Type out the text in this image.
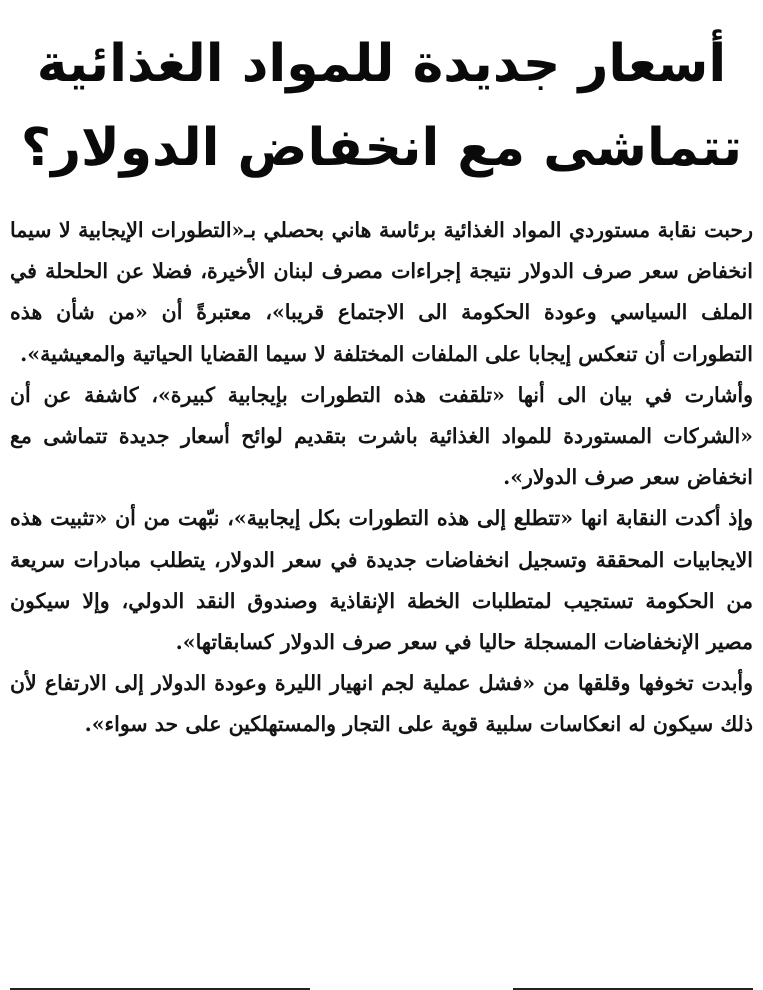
أسعار جديدة للمواد الغذائية
تتماشى مع انخفاض الدولار؟

رحبت نقابة مستوردي المواد الغذائية برئاسة هاني بحصلي بـ«التطورات الإيجابية لا سيما انخفاض سعر صرف الدولار نتيجة إجراءات مصرف لبنان الأخيرة، فضلا عن الحلحلة في الملف السياسي وعودة الحكومة الى الاجتماع قريبا»، معتبرةً أن «من شأن هذه التطورات أن تنعكس إيجابا على الملفات المختلفة لا سيما القضايا الحياتية والمعيشية».

وأشارت في بيان الى أنها «تلقفت هذه التطورات بإيجابية كبيرة»، كاشفة عن أن «الشركات المستوردة للمواد الغذائية باشرت بتقديم لوائح أسعار جديدة تتماشى مع انخفاض سعر صرف الدولار».

وإذ أكدت النقابة انها «تتطلع إلى هذه التطورات بكل إيجابية»، نبّهت من أن «تثبيت هذه الايجابيات المحققة وتسجيل انخفاضات جديدة في سعر الدولار، يتطلب مبادرات سريعة من الحكومة تستجيب لمتطلبات الخطة الإنقاذية وصندوق النقد الدولي، وإلا سيكون مصير الإنخفاضات المسجلة حاليا في سعر صرف الدولار كسابقاتها».

وأبدت تخوفها وقلقها من «فشل عملية لجم انهيار الليرة وعودة الدولار إلى الارتفاع لأن ذلك سيكون له انعكاسات سلبية قوية على التجار والمستهلكين على حد سواء».
